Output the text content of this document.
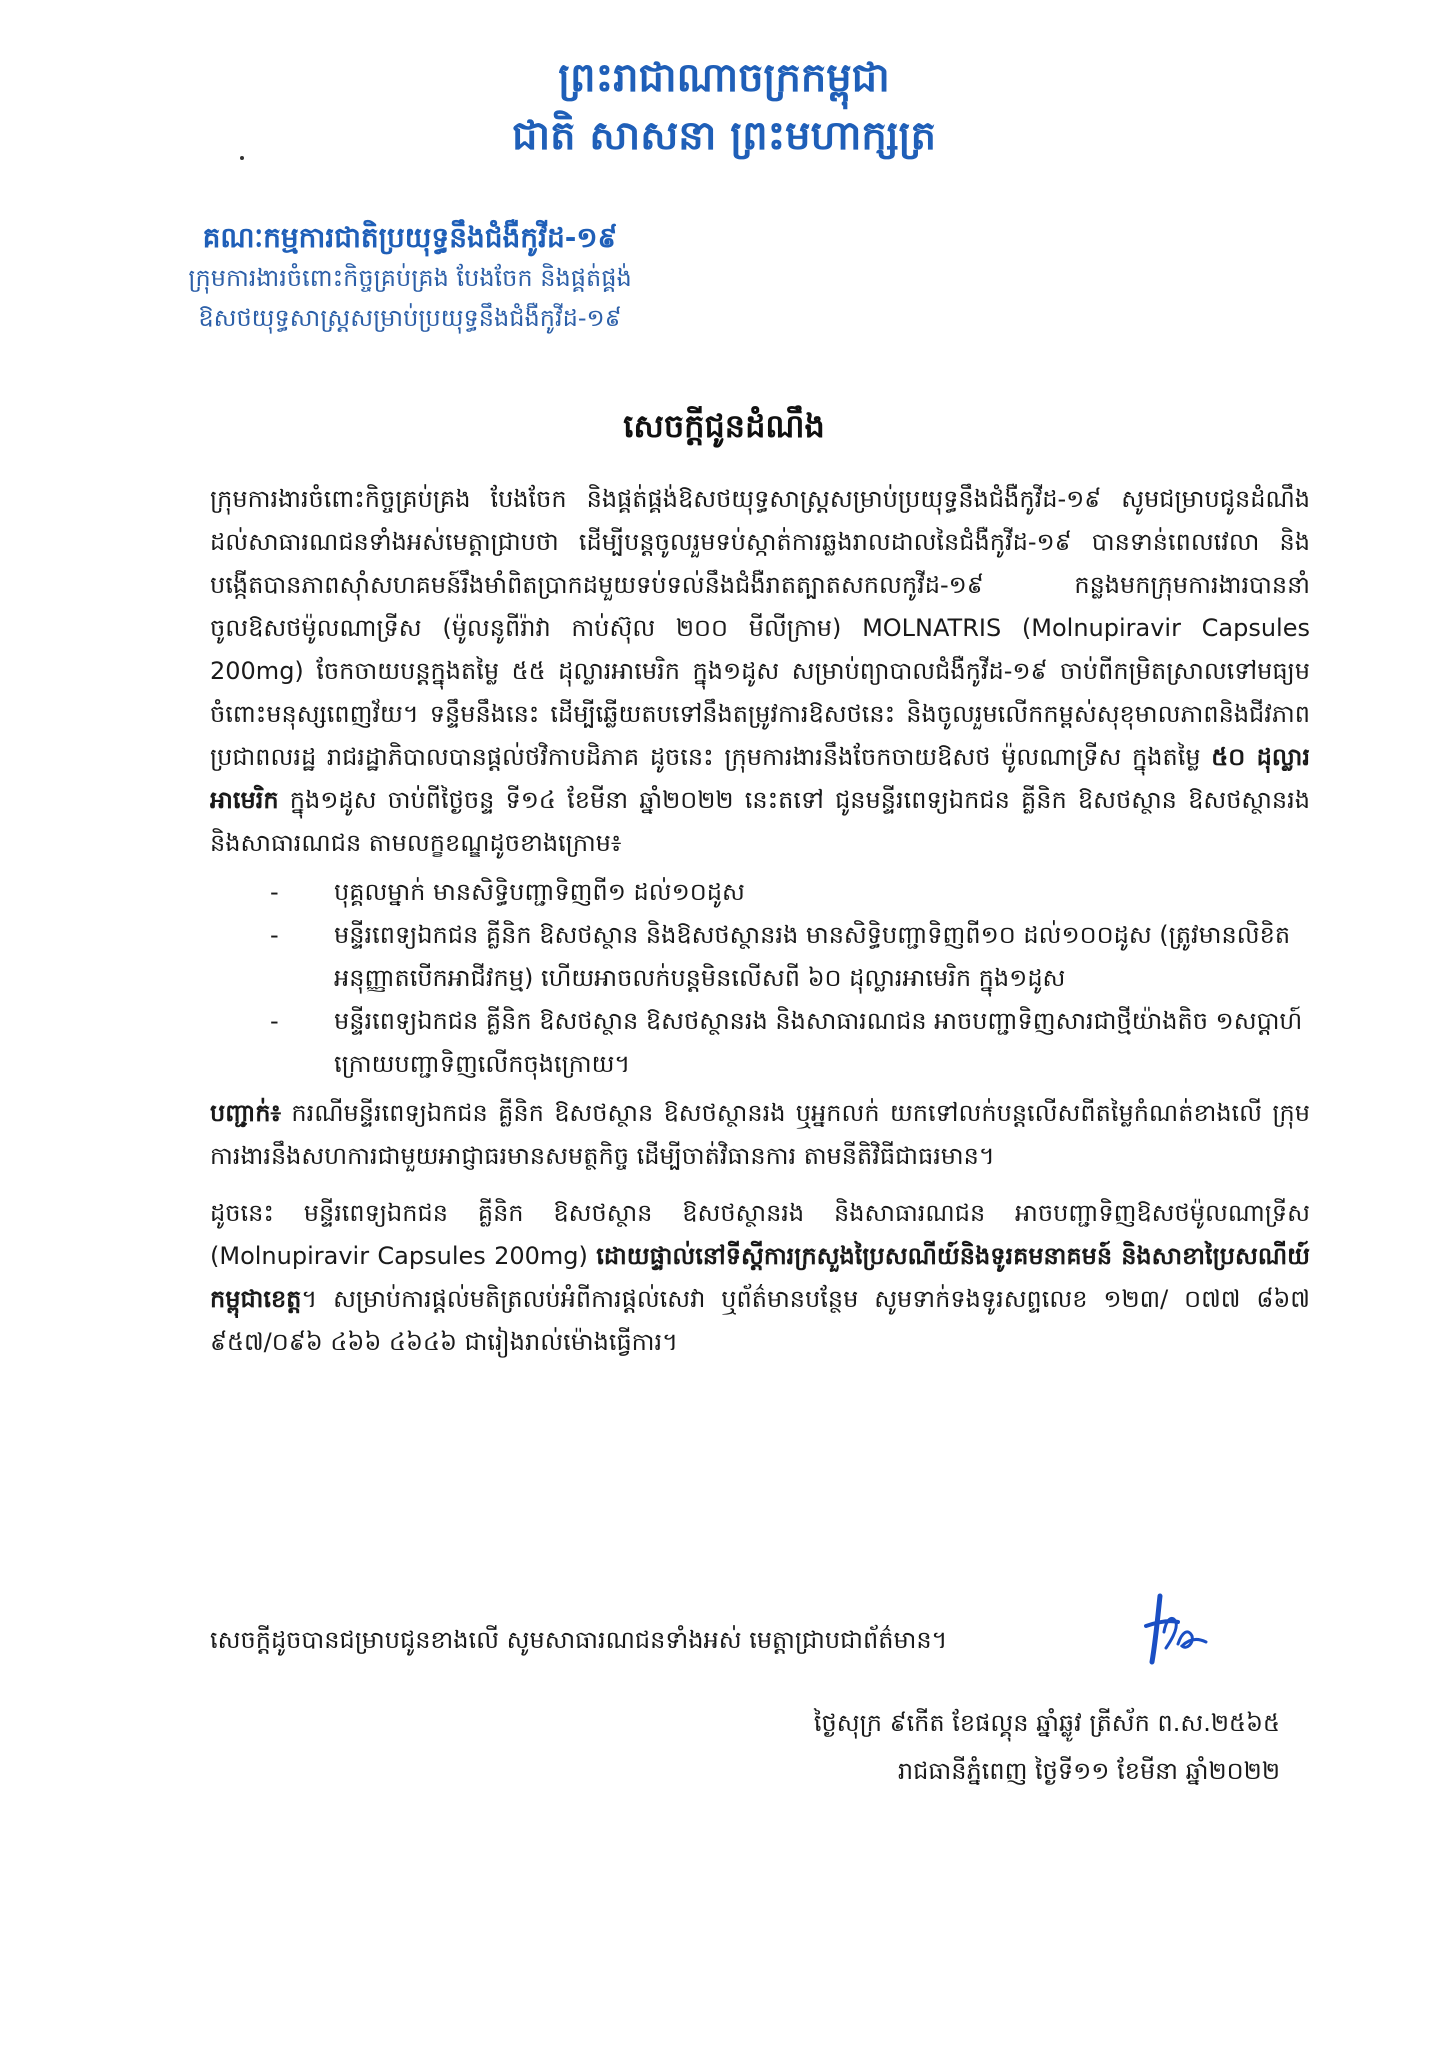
ព្រះរាជាណាចក្រកម្ពុជា
ជាតិ សាសនា ព្រះមហាក្សត្រ
គណៈកម្មការជាតិប្រយុទ្ធនឹងជំងឺកូវីដ-១៩
ក្រុមការងារចំពោះកិច្ចគ្រប់គ្រង បែងចែក និងផ្គត់ផ្គង់
ឱសថយុទ្ធសាស្ត្រសម្រាប់ប្រយុទ្ធនឹងជំងឺកូវីដ-១៩
សេចក្តីជូនដំណឹង

ក្រុមការងារចំពោះកិច្ចគ្រប់គ្រង បែងចែក និងផ្គត់ផ្គង់ឱសថយុទ្ធសាស្ត្រសម្រាប់ប្រយុទ្ធនឹងជំងឺកូវីដ-១៩ សូមជម្រាបជូនដំណឹងដល់សាធារណជនទាំងអស់មេត្តាជ្រាបថា ដើម្បីបន្តចូលរួមទប់ស្កាត់ការឆ្លងរាលដាលនៃជំងឺកូវីដ-១៩ បានទាន់ពេលវេលា និងបង្កើតបានភាពស៊ាំសហគមន៍រឹងមាំពិតប្រាកដមួយទប់ទល់នឹងជំងឺរាតត្បាតសកលកូវីដ-១៩ កន្លងមកក្រុមការងារបាននាំចូលឱសថម៉ូលណាទ្រីស (ម៉ូលនូពីរ៉ាវា កាប់ស៊ុល ២០០ មីលីក្រាម) MOLNATRIS (Molnupiravir Capsules 200mg) ចែកចាយបន្តក្នុងតម្លៃ ៥៥ ដុល្លារអាមេរិក ក្នុង១ដូស សម្រាប់ព្យាបាលជំងឺកូវីដ-១៩ ចាប់ពីកម្រិតស្រាលទៅមធ្យម ចំពោះមនុស្សពេញវ័យ។ ទន្ទឹមនឹងនេះ ដើម្បីឆ្លើយតបទៅនឹងតម្រូវការឱសថនេះ និងចូលរួមលើកកម្ពស់សុខុមាលភាពនិងជីវភាពប្រជាពលរដ្ឋ រាជរដ្ឋាភិបាលបានផ្តល់ថវិកាបដិភាគ ដូចនេះ ក្រុមការងារនឹងចែកចាយឱសថ ម៉ូលណាទ្រីស ក្នុងតម្លៃ ៥០ ដុល្លារ អាមេរិក ក្នុង១ដូស ចាប់ពីថ្ងៃចន្ទ ទី១៤ ខែមីនា ឆ្នាំ២០២២ នេះតទៅ ជូនមន្ទីរពេទ្យឯកជន គ្លីនិក ឱសថស្ថាន ឱសថស្ថានរង និងសាធារណជន តាមលក្ខខណ្ឌដូចខាងក្រោម៖

- បុគ្គលម្នាក់ មានសិទ្ធិបញ្ជាទិញពី១ ដល់១០ដូស
- មន្ទីរពេទ្យឯកជន គ្លីនិក ឱសថស្ថាន និងឱសថស្ថានរង មានសិទ្ធិបញ្ជាទិញពី១០ ដល់១០០ដូស (ត្រូវមានលិខិតអនុញ្ញាតបើកអាជីវកម្ម) ហើយអាចលក់បន្តមិនលើសពី ៦០ ដុល្លារអាមេរិក ក្នុង១ដូស
- មន្ទីរពេទ្យឯកជន គ្លីនិក ឱសថស្ថាន ឱសថស្ថានរង និងសាធារណជន អាចបញ្ជាទិញសារជាថ្មីយ៉ាងតិច ១សប្តាហ៍ក្រោយបញ្ជាទិញលើកចុងក្រោយ។

បញ្ជាក់៖ ករណីមន្ទីរពេទ្យឯកជន គ្លីនិក ឱសថស្ថាន ឱសថស្ថានរង ឬអ្នកលក់ យកទៅលក់បន្តលើសពីតម្លៃកំណត់ខាងលើ ក្រុមការងារនឹងសហការជាមួយអាជ្ញាធរមានសមត្ថកិច្ច ដើម្បីចាត់វិធានការ តាមនីតិវិធីជាធរមាន។

ដូចនេះ មន្ទីរពេទ្យឯកជន គ្លីនិក ឱសថស្ថាន ឱសថស្ថានរង និងសាធារណជន អាចបញ្ជាទិញឱសថម៉ូលណាទ្រីស (Molnupiravir Capsules 200mg) ដោយផ្ទាល់នៅទីស្តីការក្រសួងប្រៃសណីយ៍និងទូរគមនាគមន៍ និងសាខាប្រៃសណីយ៍កម្ពុជាខេត្ត។ សម្រាប់ការផ្តល់មតិត្រលប់អំពីការផ្តល់សេវា ឬព័ត៌មានបន្ថែម សូមទាក់ទងទូរសព្ទលេខ ១២៣/ ០៧៧ ៨៦៧ ៩៥៧/០៩៦ ៤៦៦ ៤៦៤៦ ជារៀងរាល់ម៉ោងធ្វើការ។

សេចក្តីដូចបានជម្រាបជូនខាងលើ សូមសាធារណជនទាំងអស់ មេត្តាជ្រាបជាព័ត៌មាន។
ថ្ងៃសុក្រ ៩កើត ខែផល្គុន ឆ្នាំឆ្លូវ ត្រីស័ក ព.ស.២៥៦៥
រាជធានីភ្នំពេញ ថ្ងៃទី១១ ខែមីនា ឆ្នាំ២០២២
